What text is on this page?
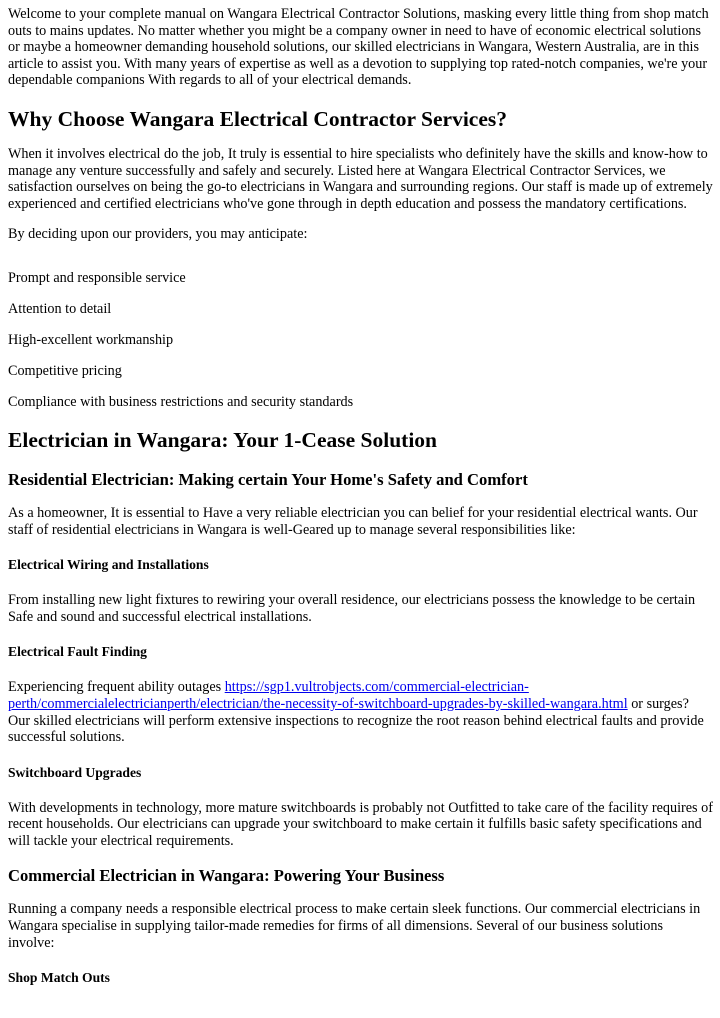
Welcome to your complete manual on Wangara Electrical Contractor Solutions, masking every little thing from shop match outs to mains updates. No matter whether you might be a company owner in need to have of economic electrical solutions or maybe a homeowner demanding household solutions, our skilled electricians in Wangara, Western Australia, are in this article to assist you. With many years of expertise as well as a devotion to supplying top rated-notch companies, we're your dependable companions With regards to all of your electrical demands.

Why Choose Wangara Electrical Contractor Services?

When it involves electrical do the job, It truly is essential to hire specialists who definitely have the skills and know-how to manage any venture successfully and safely and securely. Listed here at Wangara Electrical Contractor Services, we satisfaction ourselves on being the go-to electricians in Wangara and surrounding regions. Our staff is made up of extremely experienced and certified electricians who've gone through in depth education and possess the mandatory certifications.

By deciding upon our providers, you may anticipate:

Prompt and responsible service
Attention to detail
High-excellent workmanship
Competitive pricing
Compliance with business restrictions and security standards
Electrician in Wangara: Your 1-Cease Solution
Residential Electrician: Making certain Your Home's Safety and Comfort

As a homeowner, It is essential to Have a very reliable electrician you can belief for your residential electrical wants. Our staff of residential electricians in Wangara is well-Geared up to manage several responsibilities like:

Electrical Wiring and Installations

From installing new light fixtures to rewiring your overall residence, our electricians possess the knowledge to be certain Safe and sound and successful electrical installations.

Electrical Fault Finding

Experiencing frequent ability outages https://sgp1.vultrobjects.com/commercial-electrician-perth/commercialelectricianperth/electrician/the-necessity-of-switchboard-upgrades-by-skilled-wangara.html or surges? Our skilled electricians will perform extensive inspections to recognize the root reason behind electrical faults and provide successful solutions.

Switchboard Upgrades

With developments in technology, more mature switchboards is probably not Outfitted to take care of the facility requires of recent households. Our electricians can upgrade your switchboard to make certain it fulfills basic safety specifications and will tackle your electrical requirements.

Commercial Electrician in Wangara: Powering Your Business

Running a company needs a responsible electrical process to make certain sleek functions. Our commercial electricians in Wangara specialise in supplying tailor-made remedies for firms of all dimensions. Several of our business solutions involve:

Shop Match Outs
